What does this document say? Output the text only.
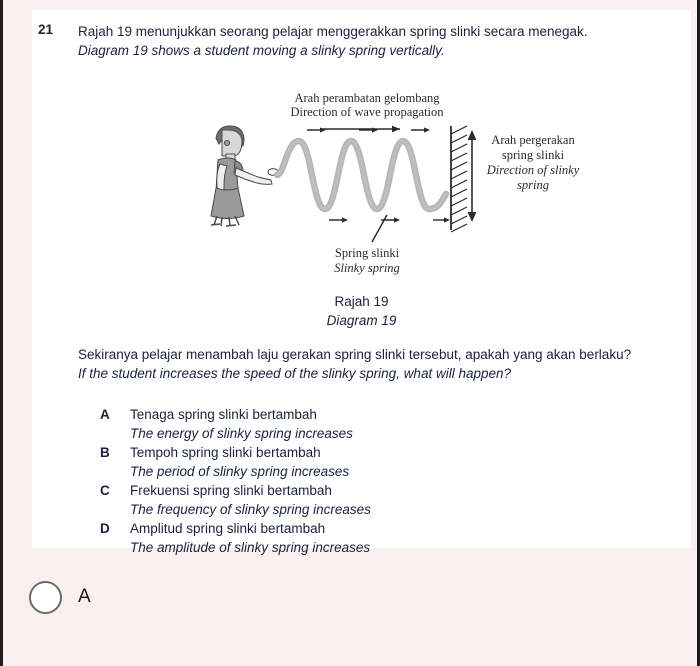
21 Rajah 19 menunjukkan seorang pelajar menggerakkan spring slinki secara menegak.
Diagram 19 shows a student moving a slinky spring vertically.
Arah perambatan gelombang
Direction of wave propagation
Arah pergerakan
spring slinki
Direction of slinky
spring
Spring slinki
Slinky spring
Rajah 19
Diagram 19
Sekiranya pelajar menambah laju gerakan spring slinki tersebut, apakah yang akan berlaku?
If the student increases the speed of the slinky spring, what will happen?
A Tenaga spring slinki bertambah
The energy of slinky spring increases
B Tempoh spring slinki bertambah
The period of slinky spring increases
C Frekuensi spring slinki bertambah
The frequency of slinky spring increases
D Amplitud spring slinki bertambah
The amplitude of slinky spring increases
A
